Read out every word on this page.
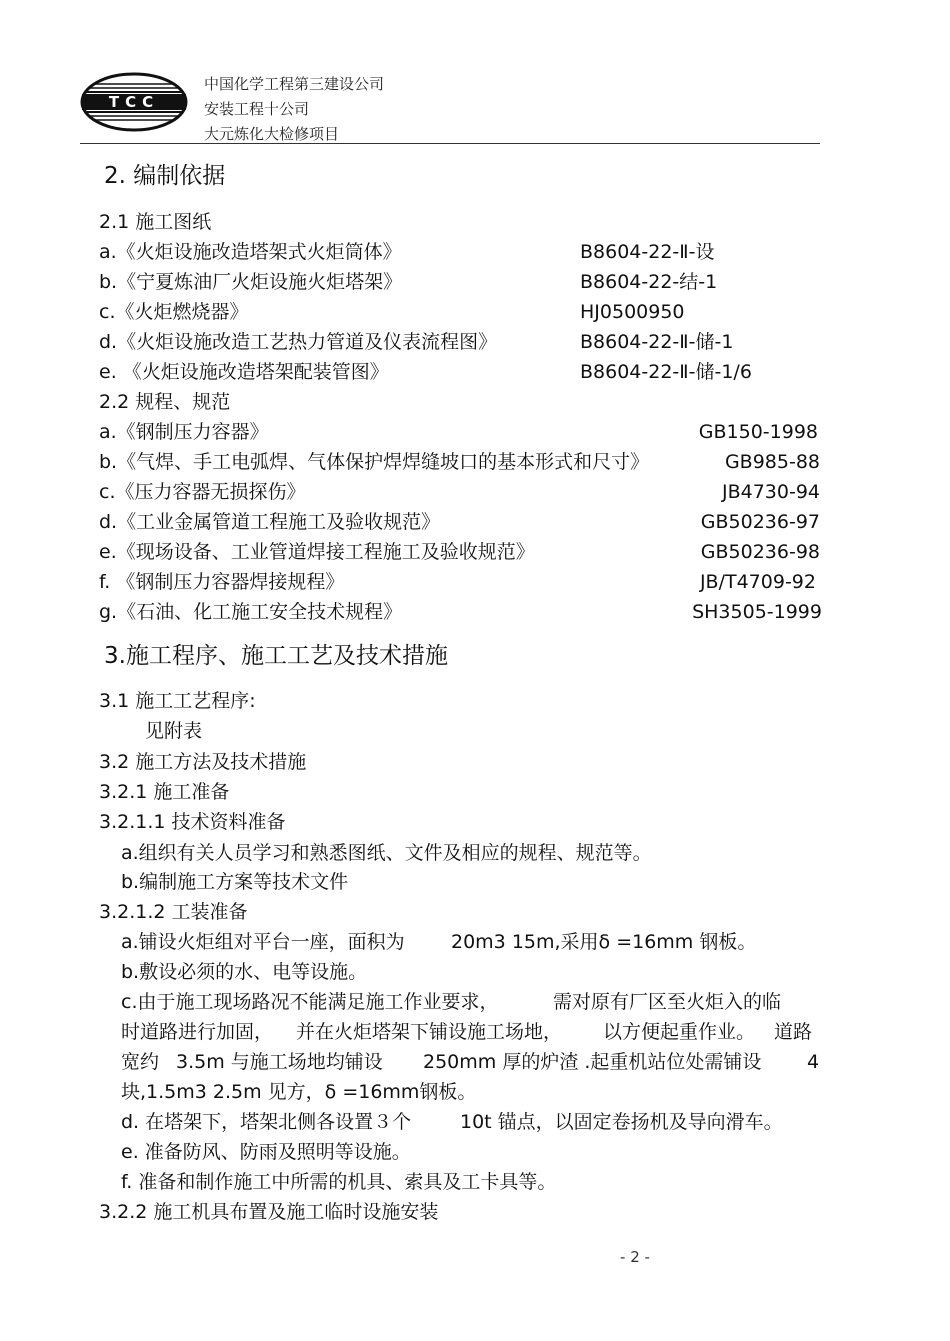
TCC
中国化学工程第三建设公司
安装工程十公司
大元炼化大检修项目
2. 编制依据
2.1 施工图纸
a.《火炬设施改造塔架式火炬筒体》	B8604-22-Ⅱ-设
b.《宁夏炼油厂火炬设施火炬塔架》	B8604-22-结-1
c.《火炬燃烧器》	HJ0500950
d.《火炬设施改造工艺热力管道及仪表流程图》	B8604-22-Ⅱ-储-1
e. 《火炬设施改造塔架配装管图》	B8604-22-Ⅱ-储-1/6
2.2 规程、规范
a.《钢制压力容器》	GB150-1998
b.《气焊、手工电弧焊、气体保护焊焊缝坡口的基本形式和尺寸》	GB985-88
c.《压力容器无损探伤》	JB4730-94
d.《工业金属管道工程施工及验收规范》	GB50236-97
e.《现场设备、工业管道焊接工程施工及验收规范》	GB50236-98
f. 《钢制压力容器焊接规程》	JB/T4709-92
g.《石油、化工施工安全技术规程》	SH3505-1999
3.施工程序、施工工艺及技术措施
3.1 施工工艺程序:
见附表
3.2 施工方法及技术措施
3.2.1 施工准备
3.2.1.1 技术资料准备
a.组织有关人员学习和熟悉图纸、文件及相应的规程、规范等。
b.编制施工方案等技术文件
3.2.1.2 工装准备
a.铺设火炬组对平台一座，面积为 20m3 15m,采用δ =16mm 钢板。
b.敷设必须的水、电等设施。
c.由于施工现场路况不能满足施工作业要求，	需对原有厂区至火炬入的临
时道路进行加固， 并在火炬塔架下铺设施工场地， 以方便起重作业。 道路
宽约 3.5m 与施工场地均铺设 250mm 厚的炉渣 .起重机站位处需铺设 4
块,1.5m3 2.5m 见方，δ =16mm钢板。
d. 在塔架下，塔架北侧各设置３个	10t 锚点，以固定卷扬机及导向滑车。
e. 准备防风、防雨及照明等设施。
f. 准备和制作施工中所需的机具、索具及工卡具等。
3.2.2 施工机具布置及施工临时设施安装
- 2 -
